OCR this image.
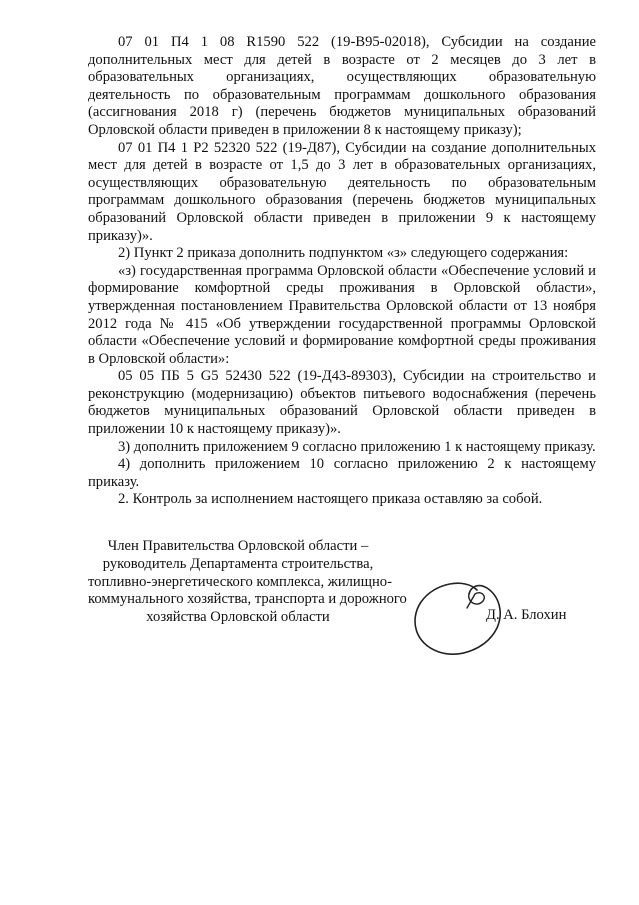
07 01 П4 1 08 R1590 522 (19-В95-02018), Субсидии на создание дополнительных мест для детей в возрасте от 2 месяцев до 3 лет в образовательных организациях, осуществляющих образовательную деятельность по образовательным программам дошкольного образования (ассигнования 2018 г) (перечень бюджетов муниципальных образований Орловской области приведен в приложении 8 к настоящему приказу);

07 01 П4 1 Р2 52320 522 (19-Д87), Субсидии на создание дополнительных мест для детей в возрасте от 1,5 до 3 лет в образовательных организациях, осуществляющих образовательную деятельность по образовательным программам дошкольного образования (перечень бюджетов муниципальных образований Орловской области приведен в приложении 9 к настоящему приказу)».

2) Пункт 2 приказа дополнить подпунктом «з» следующего содержания:

«з) государственная программа Орловской области «Обеспечение условий и формирование комфортной среды проживания в Орловской области», утвержденная постановлением Правительства Орловской области от 13 ноября 2012 года № 415 «Об утверждении государственной программы Орловской области «Обеспечение условий и формирование комфортной среды проживания в Орловской области»:

05 05 ПБ 5 G5 52430 522 (19-Д43-89303), Субсидии на строительство и реконструкцию (модернизацию) объектов питьевого водоснабжения (перечень бюджетов муниципальных образований Орловской области приведен в приложении 10 к настоящему приказу)».

3) дополнить приложением 9 согласно приложению 1 к настоящему приказу.

4) дополнить приложением 10 согласно приложению 2 к настоящему приказу.

2. Контроль за исполнением настоящего приказа оставляю за собой.

Член Правительства Орловской области –
руководитель Департамента строительства,
топливно-энергетического комплекса, жилищно-
коммунального хозяйства, транспорта и дорожного
хозяйства Орловской области	Д. А. Блохин
